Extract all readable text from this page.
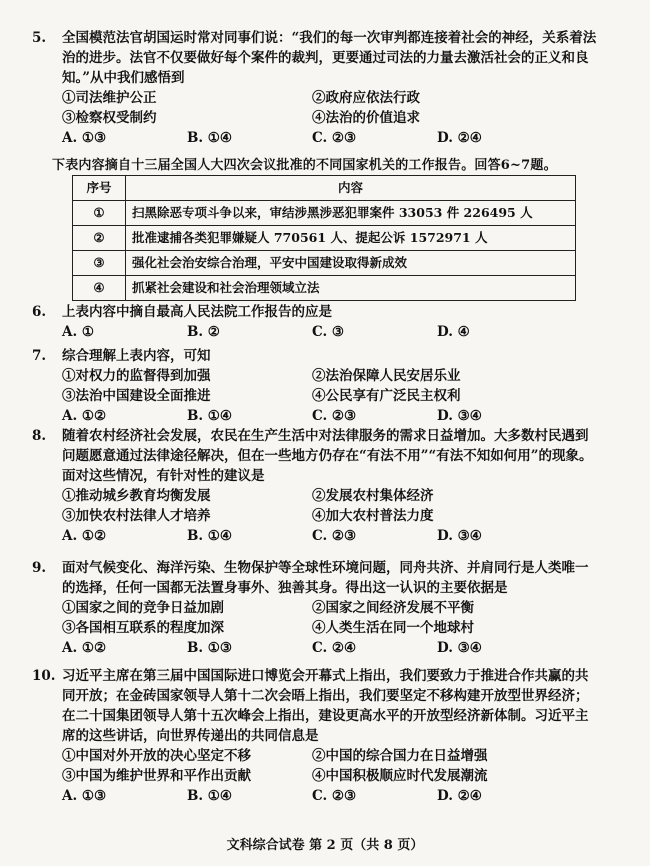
5. 全国模范法官胡国运时常对同事们说：“我们的每一次审判都连接着社会的神经，关系着法治的进步。法官不仅要做好每个案件的裁判，更要通过司法的力量去激活社会的正义和良知。”从中我们感悟到
①司法维护公正	②政府应依法行政
③检察权受制约	④法治的价值追求
A. ①③	B. ①④	C. ②③	D. ②④
下表内容摘自十三届全国人大四次会议批准的不同国家机关的工作报告。回答6~7题。
序号	内容
①	扫黑除恶专项斗争以来，审结涉黑涉恶犯罪案件 33053 件 226495 人
②	批准逮捕各类犯罪嫌疑人 770561 人、提起公诉 1572971 人
③	强化社会治安综合治理，平安中国建设取得新成效
④	抓紧社会建设和社会治理领域立法
6. 上表内容中摘自最高人民法院工作报告的应是
A. ①	B. ②	C. ③	D. ④
7. 综合理解上表内容，可知
①对权力的监督得到加强	②法治保障人民安居乐业
③法治中国建设全面推进	④公民享有广泛民主权利
A. ①②	B. ①④	C. ②③	D. ③④
8. 随着农村经济社会发展，农民在生产生活中对法律服务的需求日益增加。大多数村民遇到问题愿意通过法律途径解决，但在一些地方仍存在“有法不用”“有法不知如何用”的现象。面对这些情况，有针对性的建议是
①推动城乡教育均衡发展	②发展农村集体经济
③加快农村法律人才培养	④加大农村普法力度
A. ①②	B. ①④	C. ②③	D. ③④
9. 面对气候变化、海洋污染、生物保护等全球性环境问题，同舟共济、并肩同行是人类唯一的选择，任何一国都无法置身事外、独善其身。得出这一认识的主要依据是
①国家之间的竞争日益加剧	②国家之间经济发展不平衡
③各国相互联系的程度加深	④人类生活在同一个地球村
A. ①②	B. ①③	C. ②④	D. ③④
10. 习近平主席在第三届中国国际进口博览会开幕式上指出，我们要致力于推进合作共赢的共同开放；在金砖国家领导人第十二次会晤上指出，我们要坚定不移构建开放型世界经济；在二十国集团领导人第十五次峰会上指出，建设更高水平的开放型经济新体制。习近平主席的这些讲话，向世界传递出的共同信息是
①中国对外开放的决心坚定不移	②中国的综合国力在日益增强
③中国为维护世界和平作出贡献	④中国积极顺应时代发展潮流
A. ①③	B. ①④	C. ②③	D. ②④
文科综合试卷 第 2 页（共 8 页）
